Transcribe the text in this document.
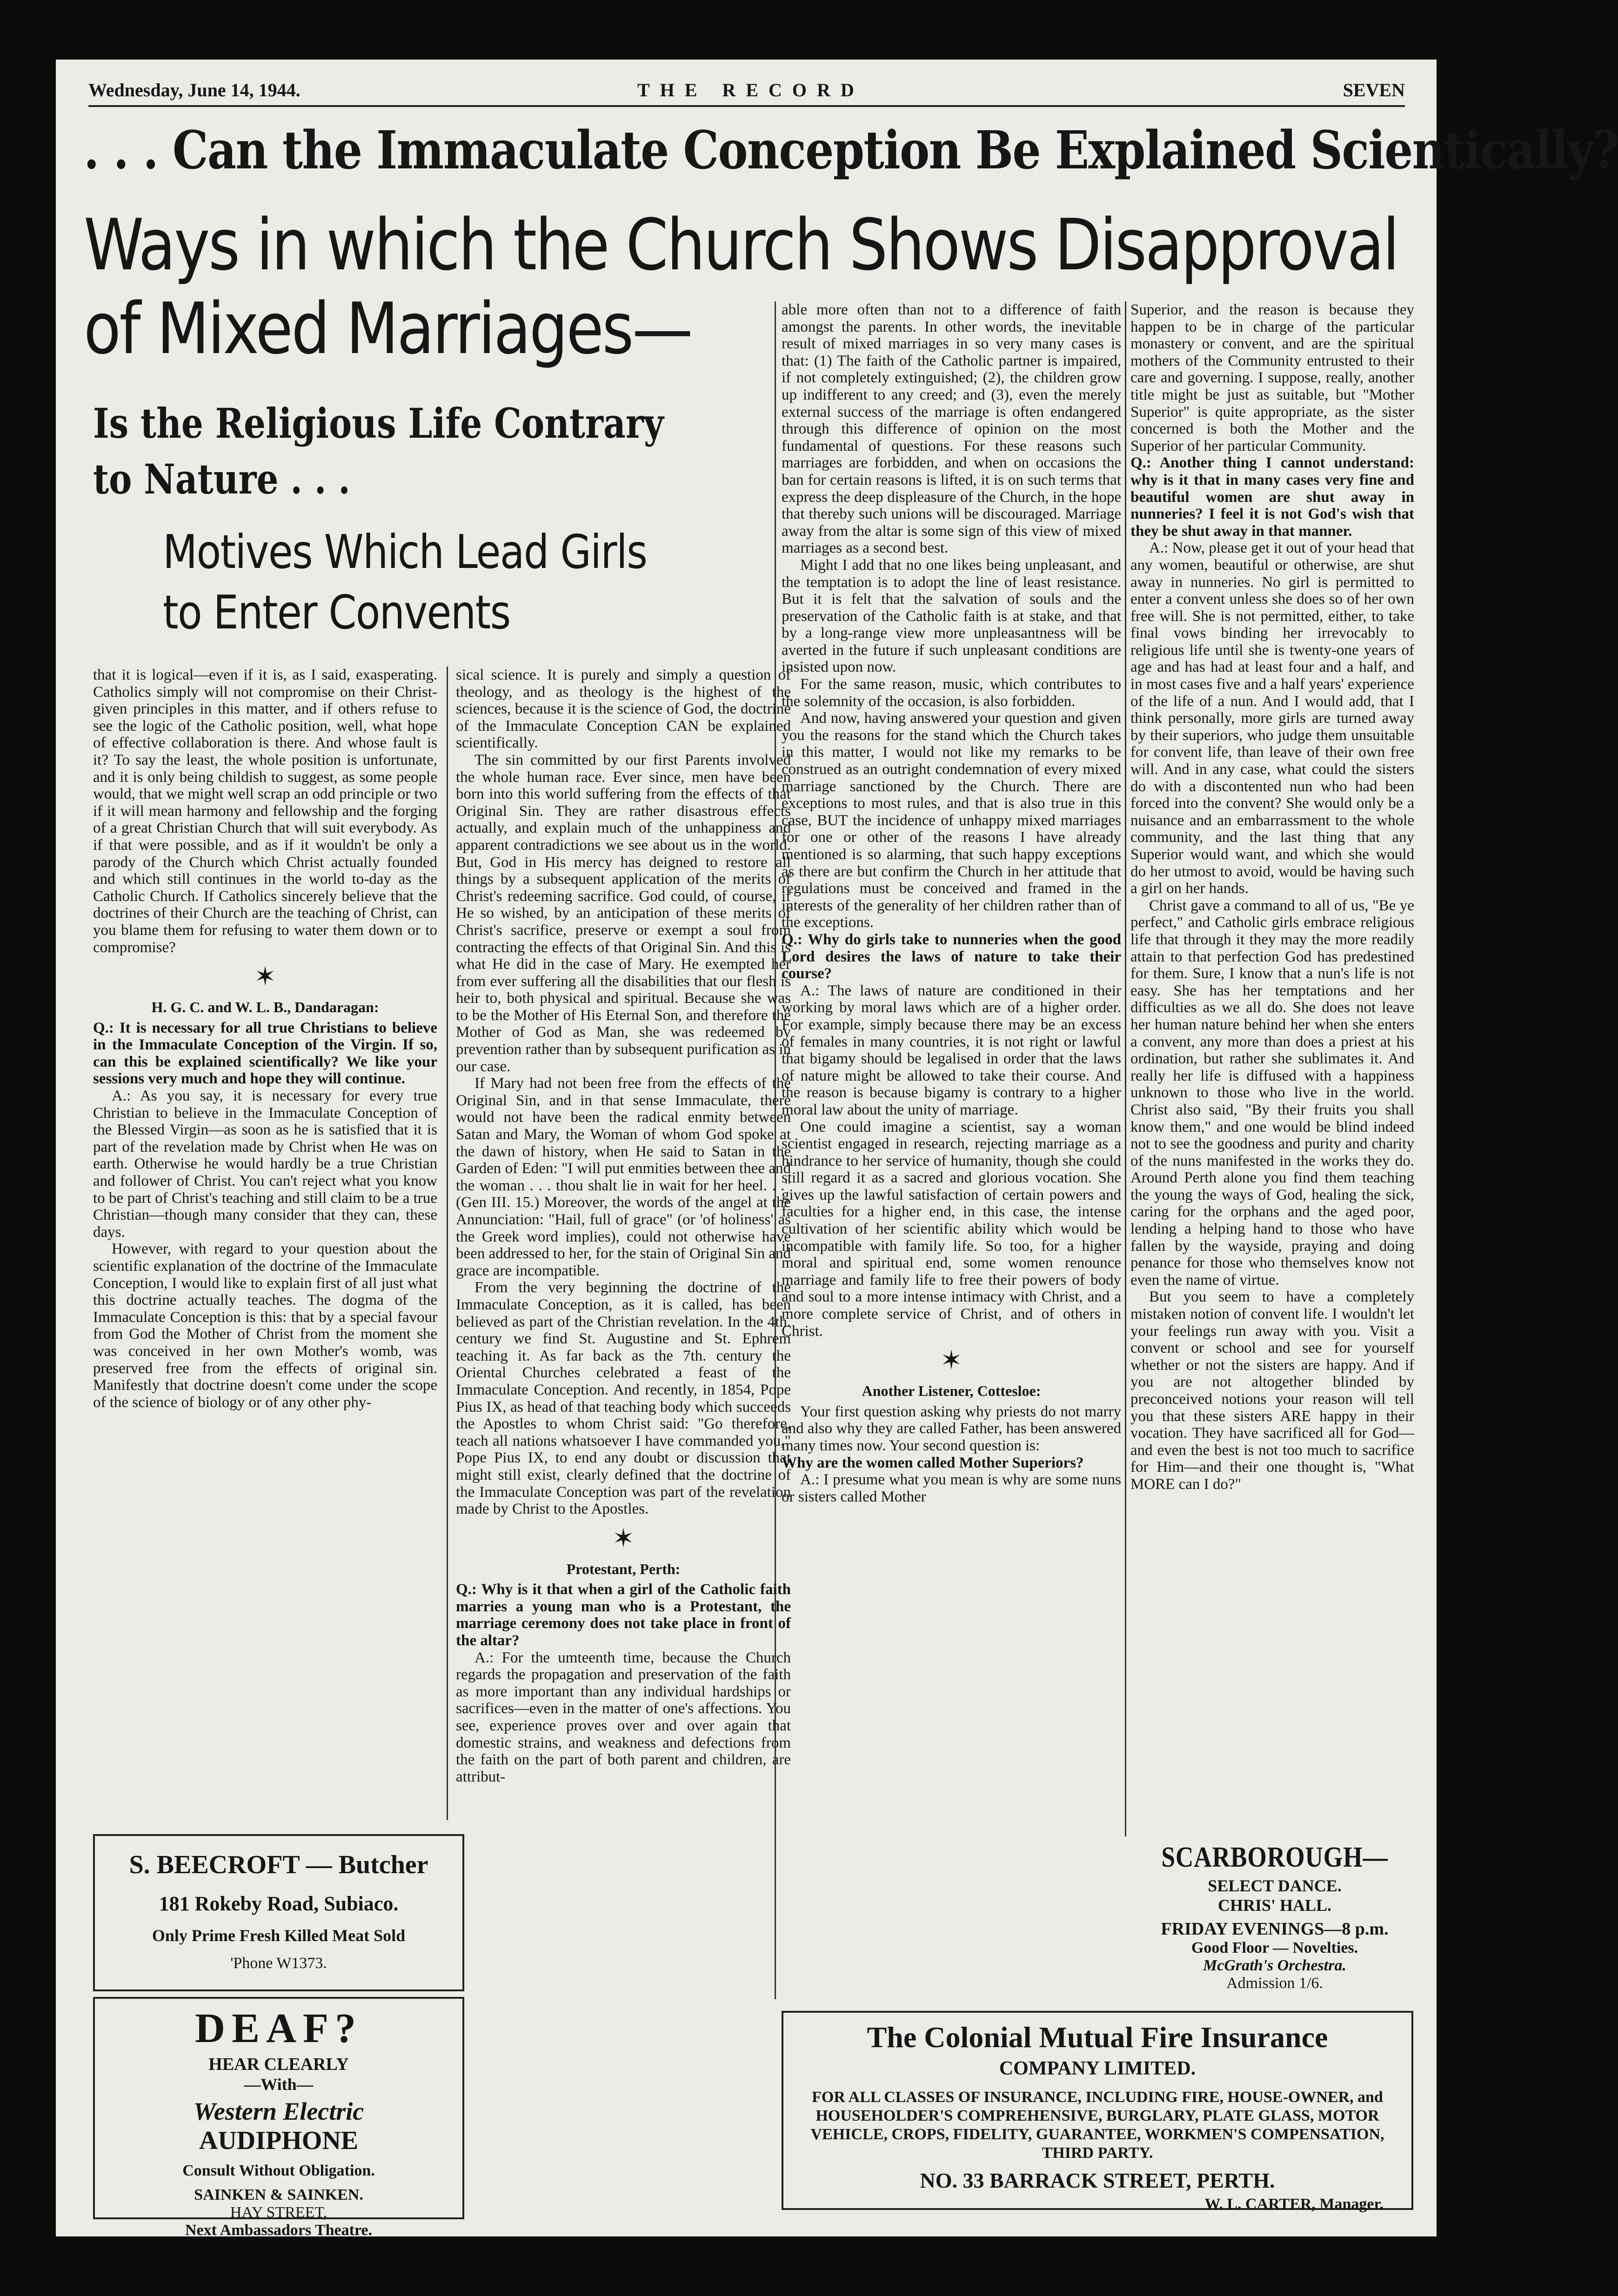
Wednesday, June 14, 1944.	THE RECORD	SEVEN
. . . Can the Immaculate Conception Be Explained Scientically?
Ways in which the Church Shows Disapproval
of Mixed Marriages—
Is the Religious Life Contrary
to Nature . . .
Motives Which Lead Girls
to Enter Convents

that it is logical—even if it is, as I said, exasperating. Catholics simply will not compromise on their Christ-given principles in this matter, and if others refuse to see the logic of the Catholic position, well, what hope of effective collaboration is there. And whose fault is it? To say the least, the whole position is unfortunate, and it is only being childish to suggest, as some people would, that we might well scrap an odd principle or two if it will mean harmony and fellowship and the forging of a great Christian Church that will suit everybody. As if that were possible, and as if it wouldn't be only a parody of the Church which Christ actually founded and which still continues in the world to-day as the Catholic Church. If Catholics sincerely believe that the doctrines of their Church are the teaching of Christ, can you blame them for refusing to water them down or to compromise?

✶

H. G. C. and W. L. B., Dandaragan:

Q.: It is necessary for all true Christians to believe in the Immaculate Conception of the Virgin. If so, can this be explained scientifically? We like your sessions very much and hope they will continue.

A.: As you say, it is necessary for every true Christian to believe in the Immaculate Conception of the Blessed Virgin—as soon as he is satisfied that it is part of the revelation made by Christ when He was on earth. Otherwise he would hardly be a true Christian and follower of Christ. You can't reject what you know to be part of Christ's teaching and still claim to be a true Christian—though many consider that they can, these days.

However, with regard to your question about the scientific explanation of the doctrine of the Immaculate Conception, I would like to explain first of all just what this doctrine actually teaches. The dogma of the Immaculate Conception is this: that by a special favour from God the Mother of Christ from the moment she was conceived in her own Mother's womb, was preserved free from the effects of original sin. Manifestly that doctrine doesn't come under the scope of the science of biology or of any other phy-

sical science. It is purely and simply a question of theology, and as theology is the highest of the sciences, because it is the science of God, the doctrine of the Immaculate Conception CAN be explained scientifically.

The sin committed by our first Parents involved the whole human race. Ever since, men have been born into this world suffering from the effects of that Original Sin. They are rather disastrous effects actually, and explain much of the unhappiness and apparent contradictions we see about us in the world. But, God in His mercy has deigned to restore all things by a subsequent application of the merits of Christ's redeeming sacrifice. God could, of course, if He so wished, by an anticipation of these merits of Christ's sacrifice, preserve or exempt a soul from contracting the effects of that Original Sin. And this is what He did in the case of Mary. He exempted her from ever suffering all the disabilities that our flesh is heir to, both physical and spiritual. Because she was to be the Mother of His Eternal Son, and therefore the Mother of God as Man, she was redeemed by prevention rather than by subsequent purification as in our case.

If Mary had not been free from the effects of the Original Sin, and in that sense Immaculate, there would not have been the radical enmity between Satan and Mary, the Woman of whom God spoke at the dawn of history, when He said to Satan in the Garden of Eden: "I will put enmities between thee and the woman . . . thou shalt lie in wait for her heel. . ." (Gen III. 15.) Moreover, the words of the angel at the Annunciation: "Hail, full of grace" (or 'of holiness' as the Greek word implies), could not otherwise have been addressed to her, for the stain of Original Sin and grace are incompatible.

From the very beginning the doctrine of the Immaculate Conception, as it is called, has been believed as part of the Christian revelation. In the 4th. century we find St. Augustine and St. Ephrem teaching it. As far back as the 7th. century the Oriental Churches celebrated a feast of the Immaculate Conception. And recently, in 1854, Pope Pius IX, as head of that teaching body which succeeds the Apostles to whom Christ said: "Go therefore, teach all nations whatsoever I have commanded you," Pope Pius IX, to end any doubt or discussion that might still exist, clearly defined that the doctrine of the Immaculate Conception was part of the revelation made by Christ to the Apostles.

✶

Protestant, Perth:

Q.: Why is it that when a girl of the Catholic faith marries a young man who is a Protestant, the marriage ceremony does not take place in front of the altar?

A.: For the umteenth time, because the Church regards the propagation and preservation of the faith as more important than any individual hardships or sacrifices—even in the matter of one's affections. You see, experience proves over and over again that domestic strains, and weakness and defections from the faith on the part of both parent and children, are attribut-

able more often than not to a difference of faith amongst the parents. In other words, the inevitable result of mixed marriages in so very many cases is that: (1) The faith of the Catholic partner is impaired, if not completely extinguished; (2), the children grow up indifferent to any creed; and (3), even the merely external success of the marriage is often endangered through this difference of opinion on the most fundamental of questions. For these reasons such marriages are forbidden, and when on occasions the ban for certain reasons is lifted, it is on such terms that express the deep displeasure of the Church, in the hope that thereby such unions will be discouraged. Marriage away from the altar is some sign of this view of mixed marriages as a second best.

Might I add that no one likes being unpleasant, and the temptation is to adopt the line of least resistance. But it is felt that the salvation of souls and the preservation of the Catholic faith is at stake, and that by a long-range view more unpleasantness will be averted in the future if such unpleasant conditions are insisted upon now.

For the same reason, music, which contributes to the solemnity of the occasion, is also forbidden.

And now, having answered your question and given you the reasons for the stand which the Church takes in this matter, I would not like my remarks to be construed as an outright condemnation of every mixed marriage sanctioned by the Church. There are exceptions to most rules, and that is also true in this case, BUT the incidence of unhappy mixed marriages for one or other of the reasons I have already mentioned is so alarming, that such happy exceptions as there are but confirm the Church in her attitude that regulations must be conceived and framed in the interests of the generality of her children rather than of the exceptions.

Q.: Why do girls take to nunneries when the good Lord desires the laws of nature to take their course?

A.: The laws of nature are conditioned in their working by moral laws which are of a higher order. For example, simply because there may be an excess of females in many countries, it is not right or lawful that bigamy should be legalised in order that the laws of nature might be allowed to take their course. And the reason is because bigamy is contrary to a higher moral law about the unity of marriage.

One could imagine a scientist, say a woman scientist engaged in research, rejecting marriage as a hindrance to her service of humanity, though she could still regard it as a sacred and glorious vocation. She gives up the lawful satisfaction of certain powers and faculties for a higher end, in this case, the intense cultivation of her scientific ability which would be incompatible with family life. So too, for a higher moral and spiritual end, some women renounce marriage and family life to free their powers of body and soul to a more intense intimacy with Christ, and a more complete service of Christ, and of others in Christ.

✶

Another Listener, Cottesloe:

Your first question asking why priests do not marry and also why they are called Father, has been answered many times now. Your second question is:

Why are the women called Mother Superiors?

A.: I presume what you mean is why are some nuns or sisters called Mother

Superior, and the reason is because they happen to be in charge of the particular monastery or convent, and are the spiritual mothers of the Community entrusted to their care and governing. I suppose, really, another title might be just as suitable, but "Mother Superior" is quite appropriate, as the sister concerned is both the Mother and the Superior of her particular Community.

Q.: Another thing I cannot understand: why is it that in many cases very fine and beautiful women are shut away in nunneries? I feel it is not God's wish that they be shut away in that manner.

A.: Now, please get it out of your head that any women, beautiful or otherwise, are shut away in nunneries. No girl is permitted to enter a convent unless she does so of her own free will. She is not permitted, either, to take final vows binding her irrevocably to religious life until she is twenty-one years of age and has had at least four and a half, and in most cases five and a half years' experience of the life of a nun. And I would add, that I think personally, more girls are turned away by their superiors, who judge them unsuitable for convent life, than leave of their own free will. And in any case, what could the sisters do with a discontented nun who had been forced into the convent? She would only be a nuisance and an embarrassment to the whole community, and the last thing that any Superior would want, and which she would do her utmost to avoid, would be having such a girl on her hands.

Christ gave a command to all of us, "Be ye perfect," and Catholic girls embrace religious life that through it they may the more readily attain to that perfection God has predestined for them. Sure, I know that a nun's life is not easy. She has her temptations and her difficulties as we all do. She does not leave her human nature behind her when she enters a convent, any more than does a priest at his ordination, but rather she sublimates it. And really her life is diffused with a happiness unknown to those who live in the world. Christ also said, "By their fruits you shall know them," and one would be blind indeed not to see the goodness and purity and charity of the nuns manifested in the works they do. Around Perth alone you find them teaching the young the ways of God, healing the sick, caring for the orphans and the aged poor, lending a helping hand to those who have fallen by the wayside, praying and doing penance for those who themselves know not even the name of virtue.

But you seem to have a completely mistaken notion of convent life. I wouldn't let your feelings run away with you. Visit a convent or school and see for yourself whether or not the sisters are happy. And if you are not altogether blinded by preconceived notions your reason will tell you that these sisters ARE happy in their vocation. They have sacrificed all for God—and even the best is not too much to sacrifice for Him—and their one thought is, "What MORE can I do?"

S. BEECROFT — Butcher
181 Rokeby Road, Subiaco.
Only Prime Fresh Killed Meat Sold
'Phone W1373.
DEAF?
HEAR CLEARLY
—With—
Western Electric
AUDIPHONE
Consult Without Obligation.
SAINKEN & SAINKEN.
HAY STREET,
Next Ambassadors Theatre.
SCARBOROUGH—
SELECT DANCE.
CHRIS' HALL.
FRIDAY EVENINGS—8 p.m.
Good Floor — Novelties.
McGrath's Orchestra.
Admission 1/6.
The Colonial Mutual Fire Insurance
COMPANY LIMITED.
FOR ALL CLASSES OF INSURANCE, INCLUDING FIRE, HOUSE-OWNER, and HOUSEHOLDER'S COMPREHENSIVE, BURGLARY, PLATE GLASS, MOTOR VEHICLE, CROPS, FIDELITY, GUARANTEE, WORKMEN'S COMPENSATION, THIRD PARTY.
NO. 33 BARRACK STREET, PERTH.
W. L. CARTER, Manager.
